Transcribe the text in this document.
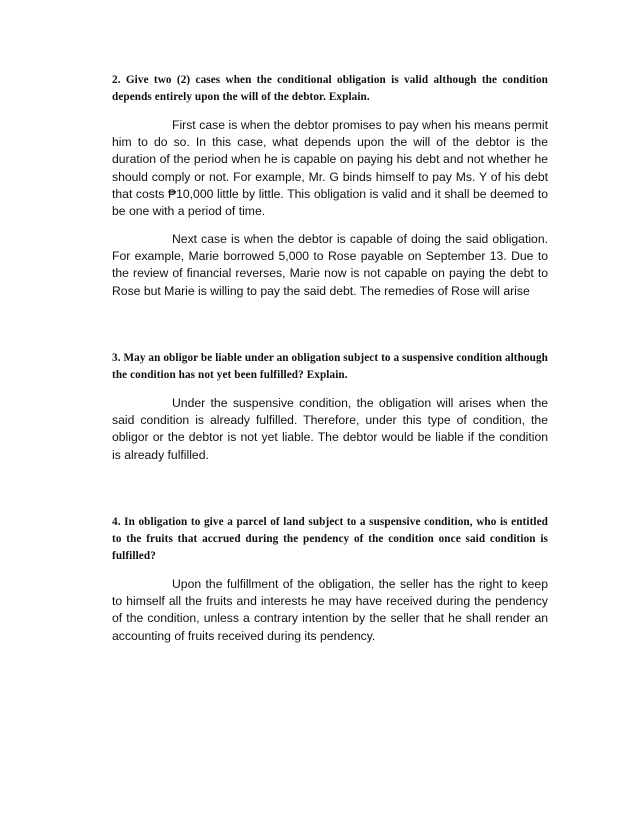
2. Give two (2) cases when the conditional obligation is valid although the condition depends entirely upon the will of the debtor. Explain.

First case is when the debtor promises to pay when his means permit him to do so. In this case, what depends upon the will of the debtor is the duration of the period when he is capable on paying his debt and not whether he should comply or not. For example, Mr. G binds himself to pay Ms. Y of his debt that costs ₱10,000 little by little. This obligation is valid and it shall be deemed to be one with a period of time.

Next case is when the debtor is capable of doing the said obligation. For example, Marie borrowed 5,000 to Rose payable on September 13. Due to the review of financial reverses, Marie now is not capable on paying the debt to Rose but Marie is willing to pay the said debt. The remedies of Rose will arise

3. May an obligor be liable under an obligation subject to a suspensive condition although the condition has not yet been fulfilled? Explain.

Under the suspensive condition, the obligation will arises when the said condition is already fulfilled. Therefore, under this type of condition, the obligor or the debtor is not yet liable. The debtor would be liable if the condition is already fulfilled.

4. In obligation to give a parcel of land subject to a suspensive condition, who is entitled to the fruits that accrued during the pendency of the condition once said condition is fulfilled?

Upon the fulfillment of the obligation, the seller has the right to keep to himself all the fruits and interests he may have received during the pendency of the condition, unless a contrary intention by the seller that he shall render an accounting of fruits received during its pendency.
